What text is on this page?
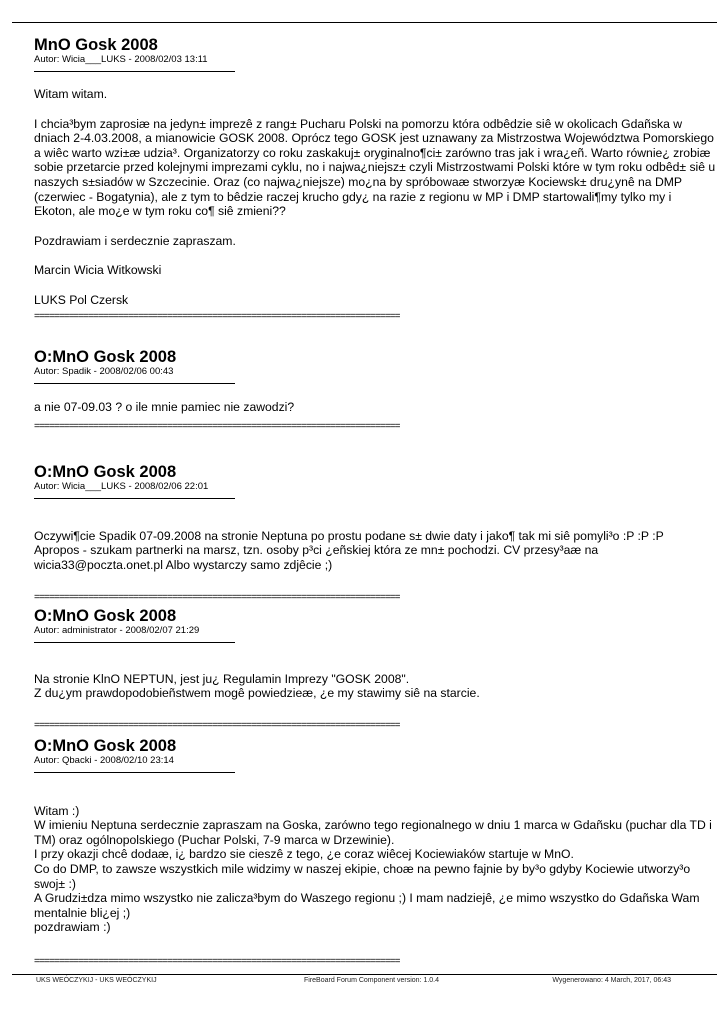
MnO Gosk 2008
Autor: Wicia___LUKS - 2008/02/03 13:11

Witam witam.

I chcia³bym zaprosiæ na jedyn± imprezê z rang± Pucharu Polski na pomorzu która odbêdzie siê w okolicach Gdañska w dniach 2-4.03.2008, a mianowicie GOSK 2008. Oprócz tego GOSK jest uznawany za Mistrzostwa Województwa Pomorskiego a wiêc warto wzi±æ udzia³. Organizatorzy co roku zaskakuj± oryginalno¶ci± zarówno tras jak i wra¿eñ. Warto równie¿ zrobiæ sobie przetarcie przed kolejnymi imprezami cyklu, no i najwa¿niejsz± czyli Mistrzostwami Polski które w tym roku odbêd± siê u naszych s±siadów w Szczecinie. Oraz (co najwa¿niejsze) mo¿na by spróbowaæ stworzyæ Kociewsk± dru¿ynê na DMP (czerwiec - Bogatynia), ale z tym to bêdzie raczej krucho gdy¿ na razie z regionu w MP i DMP startowali¶my tylko my i Ekoton, ale mo¿e w tym roku co¶ siê zmieni??

Pozdrawiam i serdecznie zapraszam.

Marcin Wicia Witkowski

LUKS Pol Czersk

==========================================================================
O:MnO Gosk 2008
Autor: Spadik - 2008/02/06 00:43

a nie 07-09.03 ? o ile mnie pamiec nie zawodzi?

==========================================================================
O:MnO Gosk 2008
Autor: Wicia___LUKS - 2008/02/06 22:01

Oczywi¶cie Spadik 07-09.2008 na stronie Neptuna po prostu podane s± dwie daty i jako¶ tak mi siê pomyli³o :P :P :P
Apropos - szukam partnerki na marsz, tzn. osoby p³ci ¿eñskiej która ze mn± pochodzi. CV przesy³aæ na wicia33@poczta.onet.pl Albo wystarczy samo zdjêcie ;)

==========================================================================
O:MnO Gosk 2008
Autor: administrator - 2008/02/07 21:29

Na stronie KlnO NEPTUN, jest ju¿ Regulamin Imprezy "GOSK 2008".
Z du¿ym prawdopodobieñstwem mogê powiedzieæ, ¿e my stawimy siê na starcie.

==========================================================================
O:MnO Gosk 2008
Autor: Qbacki - 2008/02/10 23:14

Witam :)
W imieniu Neptuna serdecznie zapraszam na Goska, zarówno tego regionalnego w dniu 1 marca w Gdañsku (puchar dla TD i TM) oraz ogólnopolskiego (Puchar Polski, 7-9 marca w Drzewinie).
I przy okazji chcê dodaæ, i¿ bardzo sie cieszê z tego, ¿e coraz wiêcej Kociewiaków startuje w MnO.
Co do DMP, to zawsze wszystkich mile widzimy w naszej ekipie, choæ na pewno fajnie by by³o gdyby Kociewie utworzy³o swoj± :)
A Grudzi±dza mimo wszystko nie zalicza³bym do Waszego regionu ;) I mam nadziejê, ¿e mimo wszystko do Gdañska Wam mentalnie bli¿ej ;)
pozdrawiam :)

==========================================================================
UKS WEÓCZYKIJ - UKS WEÓCZYKIJ	FireBoard Forum Component version: 1.0.4	Wygenerowano: 4 March, 2017, 06:43
